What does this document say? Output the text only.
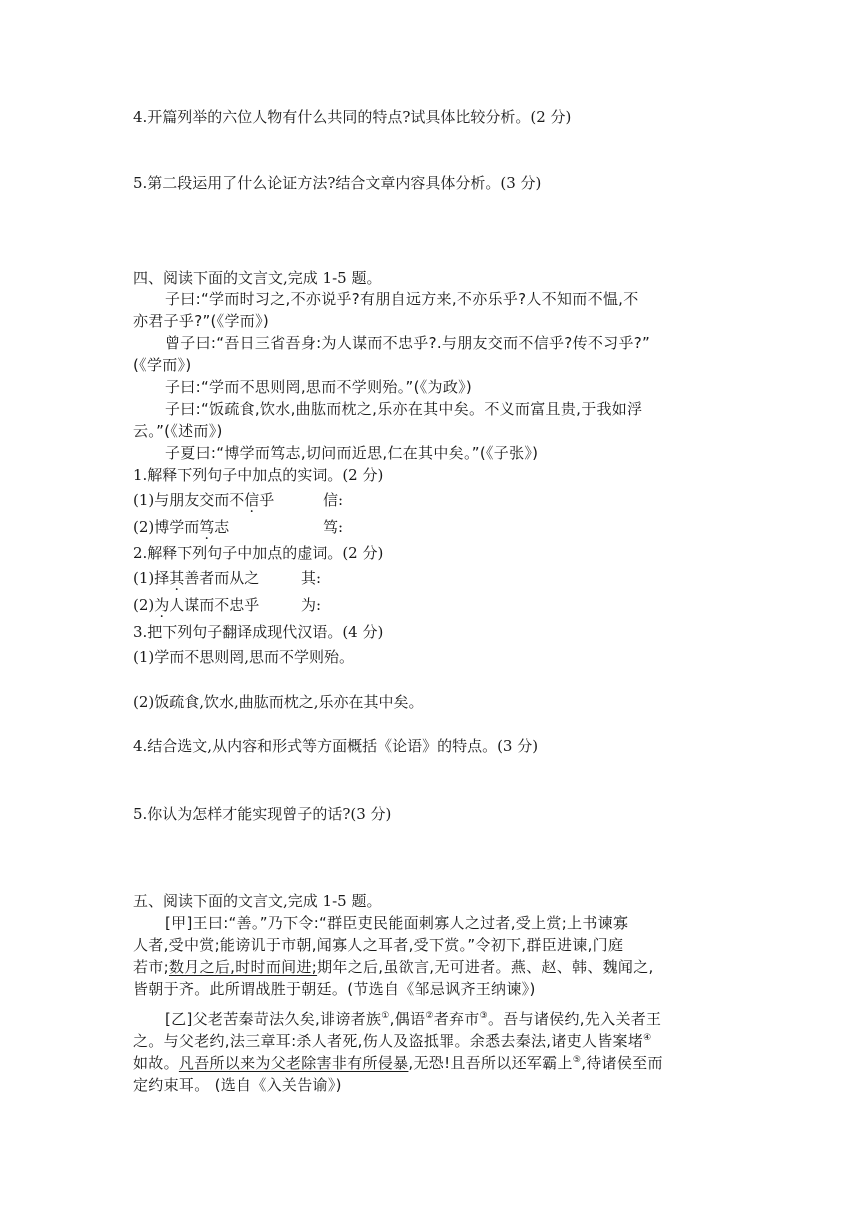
4.开篇列举的六位人物有什么共同的特点?试具体比较分析。(2 分)
5.第二段运用了什么论证方法?结合文章内容具体分析。(3 分)
四、阅读下面的文言文,完成 1-5 题。
子曰:“学而时习之,不亦说乎?有朋自远方来,不亦乐乎?人不知而不愠,不
亦君子乎?”(《学而》)
曾子曰:“吾日三省吾身:为人谋而不忠乎?.与朋友交而不信乎?传不习乎?”
(《学而》)
子曰:“学而不思则罔,思而不学则殆。”(《为政》)
子曰:“饭疏食,饮水,曲肱而枕之,乐亦在其中矣。不义而富且贵,于我如浮
云。”(《述而》)
子夏曰:“博学而笃志,切问而近思,仁在其中矣。”(《子张》)
1.解释下列句子中加点的实词。(2 分)
(1)与朋友交而不信乎	信:
(2)博学而笃志	笃:
2.解释下列句子中加点的虚词。(2 分)
(1)择其善者而从之	其:
(2)为人谋而不忠乎	为:
3.把下列句子翻译成现代汉语。(4 分)
(1)学而不思则罔,思而不学则殆。
(2)饭疏食,饮水,曲肱而枕之,乐亦在其中矣。
4.结合选文,从内容和形式等方面概括《论语》的特点。(3 分)
5.你认为怎样才能实现曾子的话?(3 分)
五、阅读下面的文言文,完成 1-5 题。
[甲]王曰:“善。”乃下令:“群臣吏民能面刺寡人之过者,受上赏;上书谏寡
人者,受中赏;能谤讥于市朝,闻寡人之耳者,受下赏。”令初下,群臣进谏,门庭
若市;数月之后,时时而间进;期年之后,虽欲言,无可进者。燕、赵、韩、魏闻之,
皆朝于齐。此所谓战胜于朝廷。(节选自《邹忌讽齐王纳谏》)
[乙]父老苦秦苛法久矣,诽谤者族①,偶语②者弃市③。吾与诸侯约,先入关者王
之。与父老约,法三章耳:杀人者死,伤人及盗抵罪。余悉去秦法,诸吏人皆案堵④
如故。凡吾所以来为父老除害非有所侵暴,无恐!且吾所以还军霸上⑤,待诸侯至而
定约束耳。 (选自《入关告谕》)
